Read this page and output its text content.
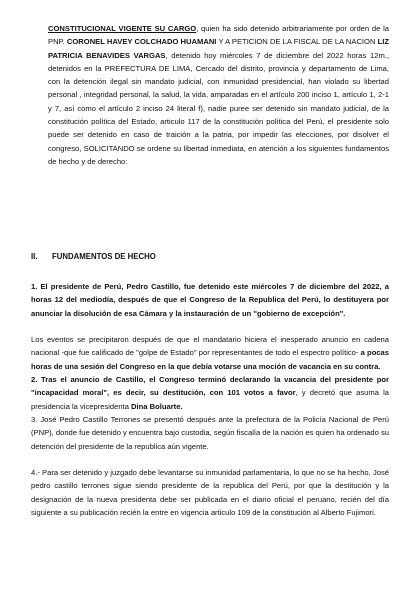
CONSTITUCIONAL VIGENTE SU CARGO, quien ha sido detenido arbitrariamente por orden de la PNP. CORONEL HAVEY COLCHADO HUAMANI Y A PETICION DE LA FISCAL DE LA NACION LIZ PATRICIA BENAVIDES VARGAS, detenido hoy miércoles 7 de diciembre del 2022 horas 12m., detenidos en la PREFECTURA DE LIMA, Cercado del distrito, provincia y departamento de Lima, con la detención ilegal sin mandato judicial, con inmunidad presidencial, han violado su libertad personal , integridad personal, la salud, la vida, amparadas en el artículo 200 inciso 1, artículo 1, 2-1 y 7, así como el artículo 2 inciso 24 literal f), nadie puree ser detenido sin mandato judicial, de la constitución política del Estado, articulo 117 de la constitución política del Perú, el presidente solo puede ser detenido en caso de traición a la patria, por impedir las elecciones, por disolver el congreso, SOLICITANDO se ordene su libertad inmediata, en atención a los siguientes fundamentos de hecho y de derecho:

II. FUNDAMENTOS DE HECHO

1. El presidente de Perú, Pedro Castillo, fue detenido este miércoles 7 de diciembre del 2022, a horas 12 del mediodía, después de que el Congreso de la Republica del Perú, lo destituyera por anunciar la disolución de esa Cámara y la instauración de un "gobierno de excepción".

Los eventos se precipitaron después de que el mandatario hiciera el inesperado anuncio en cadena nacional -que fue calificado de "golpe de Estado" por representantes de todo el espectro político- a pocas horas de una sesión del Congreso en la que debía votarse una moción de vacancia en su contra.

2. Tras el anuncio de Castillo, el Congreso terminó declarando la vacancia del presidente por "incapacidad moral", es decir, su destitución, con 101 votos a favor, y decretó que asuma la presidencia la vicepresidenta Dina Boluarte.

3. José Pedro Castillo Terrones se presentó después ante la prefectura de la Policía Nacional de Perú (PNP), donde fue detenido y encuentra bajo custodia, según fiscalía de la nación es quien ha ordenado su detención del presidente de la republica aún vigente.

4.- Para ser detenido y juzgado debe levantarse su inmunidad parlamentaria, lo que no se ha hecho, José pedro castillo terrones sigue siendo presidente de la republica del Perú, por que la destitución y la designación de la nueva presidenta debe ser publicada en el diario oficial el peruano, recién del día siguiente a su publicación recién la entre en vigencia articulo 109 de la constitución al Alberto Fujimori.
